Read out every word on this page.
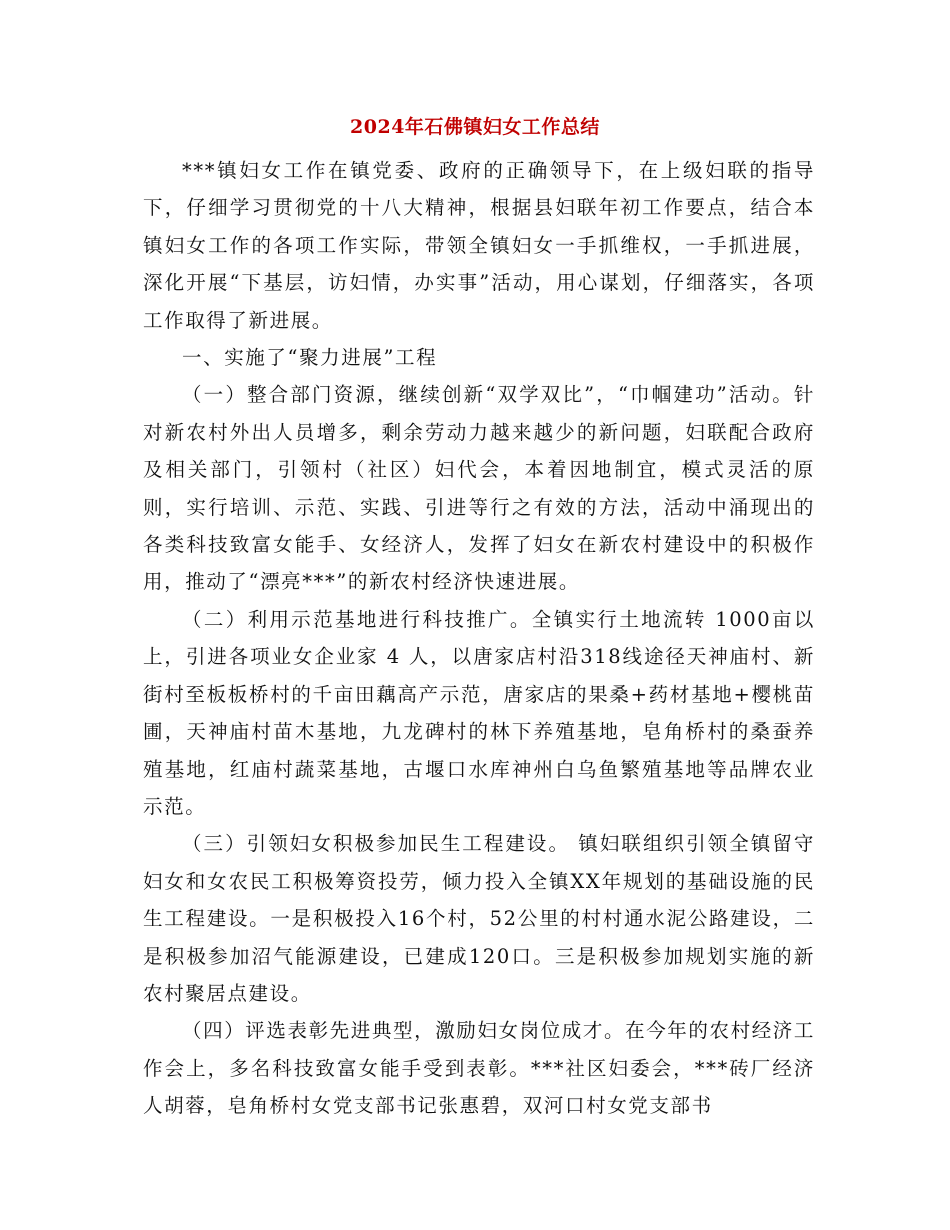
2024年石佛镇妇女工作总结

***镇妇女工作在镇党委、政府的正确领导下，在上级妇联的指导下，仔细学习贯彻党的十八大精神，根据县妇联年初工作要点，结合本镇妇女工作的各项工作实际，带领全镇妇女一手抓维权，一手抓进展，深化开展“下基层，访妇情，办实事”活动，用心谋划，仔细落实，各项工作取得了新进展。

一、实施了“聚力进展”工程

（一）整合部门资源，继续创新“双学双比”，“巾帼建功”活动。针对新农村外出人员增多，剩余劳动力越来越少的新问题，妇联配合政府及相关部门，引领村（社区）妇代会，本着因地制宜，模式灵活的原则，实行培训、示范、实践、引进等行之有效的方法，活动中涌现出的各类科技致富女能手、女经济人，发挥了妇女在新农村建设中的积极作用，推动了“漂亮***”的新农村经济快速进展。

（二）利用示范基地进行科技推广。全镇实行土地流转 1000亩以上，引进各项业女企业家 4 人，以唐家店村沿318线途径天神庙村、新街村至板板桥村的千亩田藕高产示范，唐家店的果桑+药材基地+樱桃苗圃，天神庙村苗木基地，九龙碑村的林下养殖基地，皂角桥村的桑蚕养殖基地，红庙村蔬菜基地，古堰口水库神州白乌鱼繁殖基地等品牌农业示范。

（三）引领妇女积极参加民生工程建设。 镇妇联组织引领全镇留守妇女和女农民工积极筹资投劳，倾力投入全镇XX年规划的基础设施的民生工程建设。一是积极投入16个村，52公里的村村通水泥公路建设，二是积极参加沼气能源建设，已建成120口。三是积极参加规划实施的新农村聚居点建设。

（四）评选表彰先进典型，激励妇女岗位成才。在今年的农村经济工作会上，多名科技致富女能手受到表彰。***社区妇委会，***砖厂经济人胡蓉，皂角桥村女党支部书记张惠碧，双河口村女党支部书
